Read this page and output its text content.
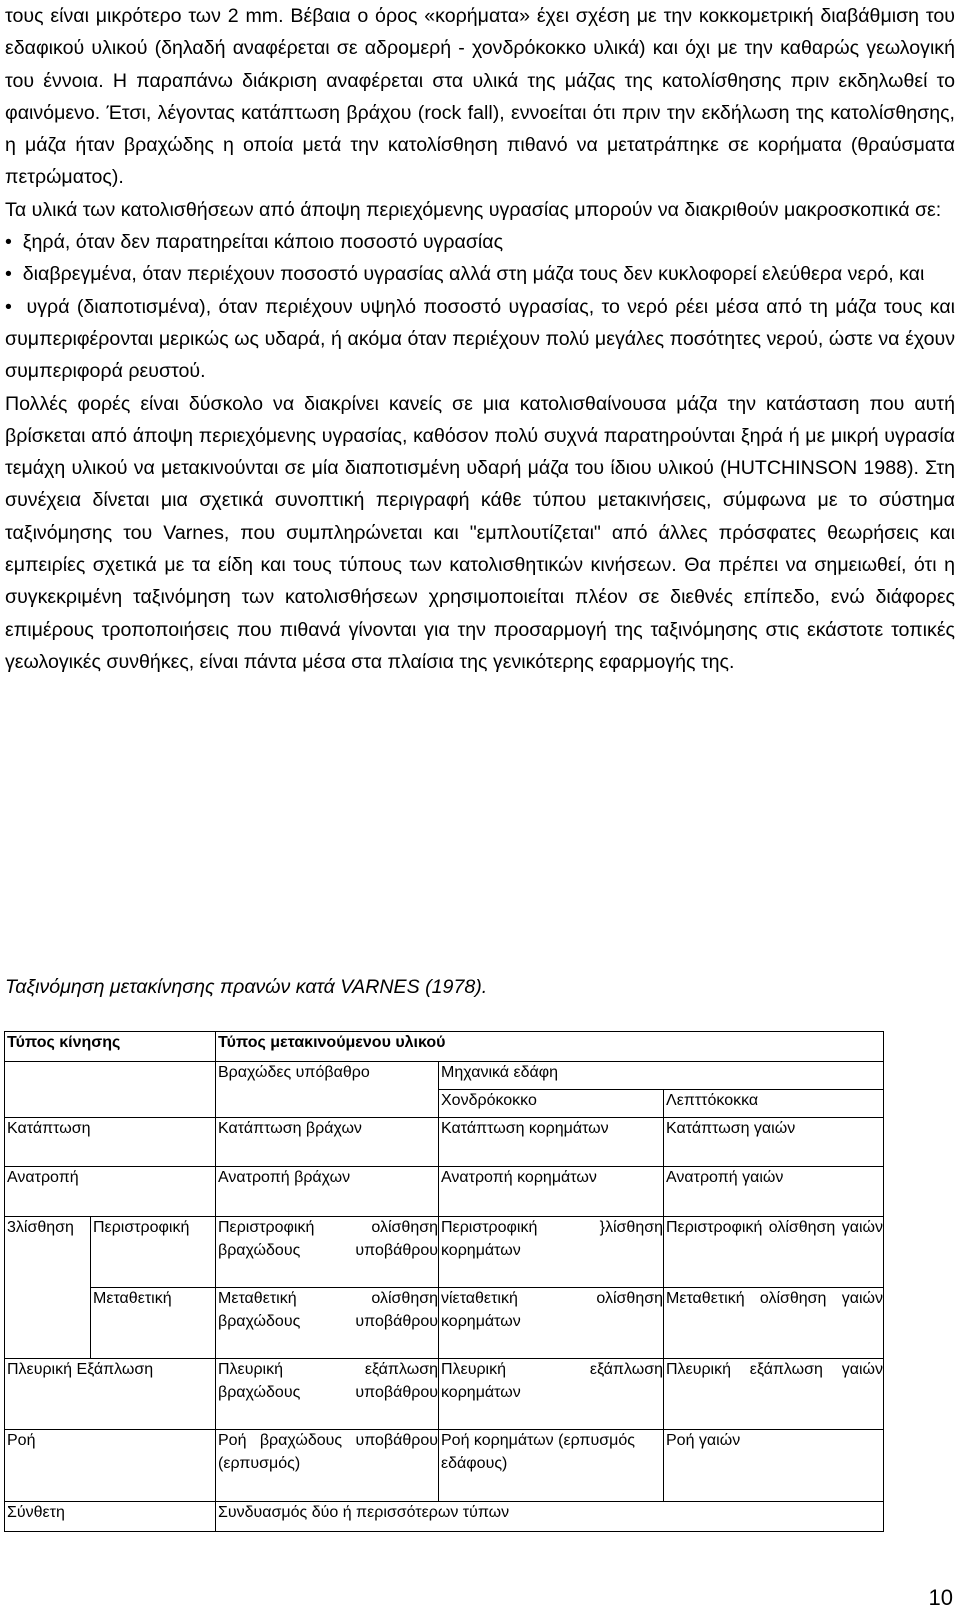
τους είναι μικρότερο των 2 mm. Βέβαια ο όρος «κορήματα» έχει σχέση με την κοκκομετρική διαβάθμιση του εδαφικού υλικού (δηλαδή αναφέρεται σε αδρομερή - χονδρόκοκκο υλικά) και όχι με την καθαρώς γεωλογική του έννοια. Η παραπάνω διάκριση αναφέρεται στα υλικά της μάζας της κατολίσθησης πριν εκδηλωθεί το φαινόμενο. Έτσι, λέγοντας κατάπτωση βράχου (rock fall), εννοείται ότι πριν την εκδήλωση της κατολίσθησης, η μάζα ήταν βραχώδης η οποία μετά την κατολίσθηση πιθανό να μετατράπηκε σε κορήματα (θραύσματα πετρώματος).

Τα υλικά των κατολισθήσεων από άποψη περιεχόμενης υγρασίας μπορούν να διακριθούν μακροσκοπικά σε:

•  ξηρά, όταν δεν παρατηρείται κάποιο ποσοστό υγρασίας

•  διαβρεγμένα, όταν περιέχουν ποσοστό υγρασίας αλλά στη μάζα τους δεν κυκλοφορεί ελεύθερα νερό, και

•  υγρά (διαποτισμένα), όταν περιέχουν υψηλό ποσοστό υγρασίας, το νερό ρέει μέσα από τη μάζα τους και συμπεριφέρονται μερικώς ως υδαρά, ή ακόμα όταν περιέχουν πολύ μεγάλες ποσότητες νερού, ώστε να έχουν συμπεριφορά ρευστού.

Πολλές φορές είναι δύσκολο να διακρίνει κανείς σε μια κατολισθαίνουσα μάζα την κατάσταση που αυτή βρίσκεται από άποψη περιεχόμενης υγρασίας, καθόσον πολύ συχνά παρατηρούνται ξηρά ή με μικρή υγρασία τεμάχη υλικού να μετακινούνται σε μία διαποτισμένη υδαρή μάζα του ίδιου υλικού (HUTCHINSON 1988). Στη συνέχεια δίνεται μια σχετικά συνοπτική περιγραφή κάθε τύπου μετακινήσεις, σύμφωνα με το σύστημα ταξινόμησης του Varnes, που συμπληρώνεται και "εμπλουτίζεται" από άλλες πρόσφατες θεωρήσεις και εμπειρίες σχετικά με τα είδη και τους τύπους των κατολισθητικών κινήσεων. Θα πρέπει να σημειωθεί, ότι η συγκεκριμένη ταξινόμηση των κατολισθήσεων χρησιμοποιείται πλέον σε διεθνές επίπεδο, ενώ διάφορες επιμέρους τροποποιήσεις που πιθανά γίνονται για την προσαρμογή της ταξινόμησης στις εκάστοτε τοπικές γεωλογικές συνθήκες, είναι πάντα μέσα στα πλαίσια της γενικότερης εφαρμογής της.

Ταξινόμηση μετακίνησης πρανών κατά VARNES (1978).
Τύπος κίνησης		Τύπος μετακινούμενου υλικού		
		Βραχώδες υπόβαθρο	Μηχανικά εδάφη	
			Χονδρόκοκκο	Λεπττόκοκκα
Κατάπτωση		Κατάπτωση βράχων	Κατάπτωση κορημάτων	Κατάπτωση γαιών
Ανατροπή		Ανατροπή βράχων	Ανατροπή κορημάτων	Ανατροπή γαιών
3λίσθηση	Περιστροφική	Περιστροφική ολίσθηση βραχώδους υποβάθρου	Περιστροφική }λίσθηση κορημάτων	Περιστροφική ολίσθηση γαιών
	Μεταθετική	Μεταθετική ολίσθηση βραχώδους υποβάθρου	νίεταθετική ολίσθηση κορημάτων	Μεταθετική ολίσθηση γαιών
Πλευρική Εξάπλωση		Πλευρική εξάπλωση βραχώδους υποβάθρου	Πλευρική εξάπλωση κορημάτων	Πλευρική εξάπλωση γαιών
Ροή		Ροή βραχώδους υποβάθρου (ερπυσμός)	Ροή κορημάτων (ερπυσμός εδάφους)	Ροή γαιών
Σύνθετη		Συνδυασμός δύο ή περισσότερων τύπων		
10
